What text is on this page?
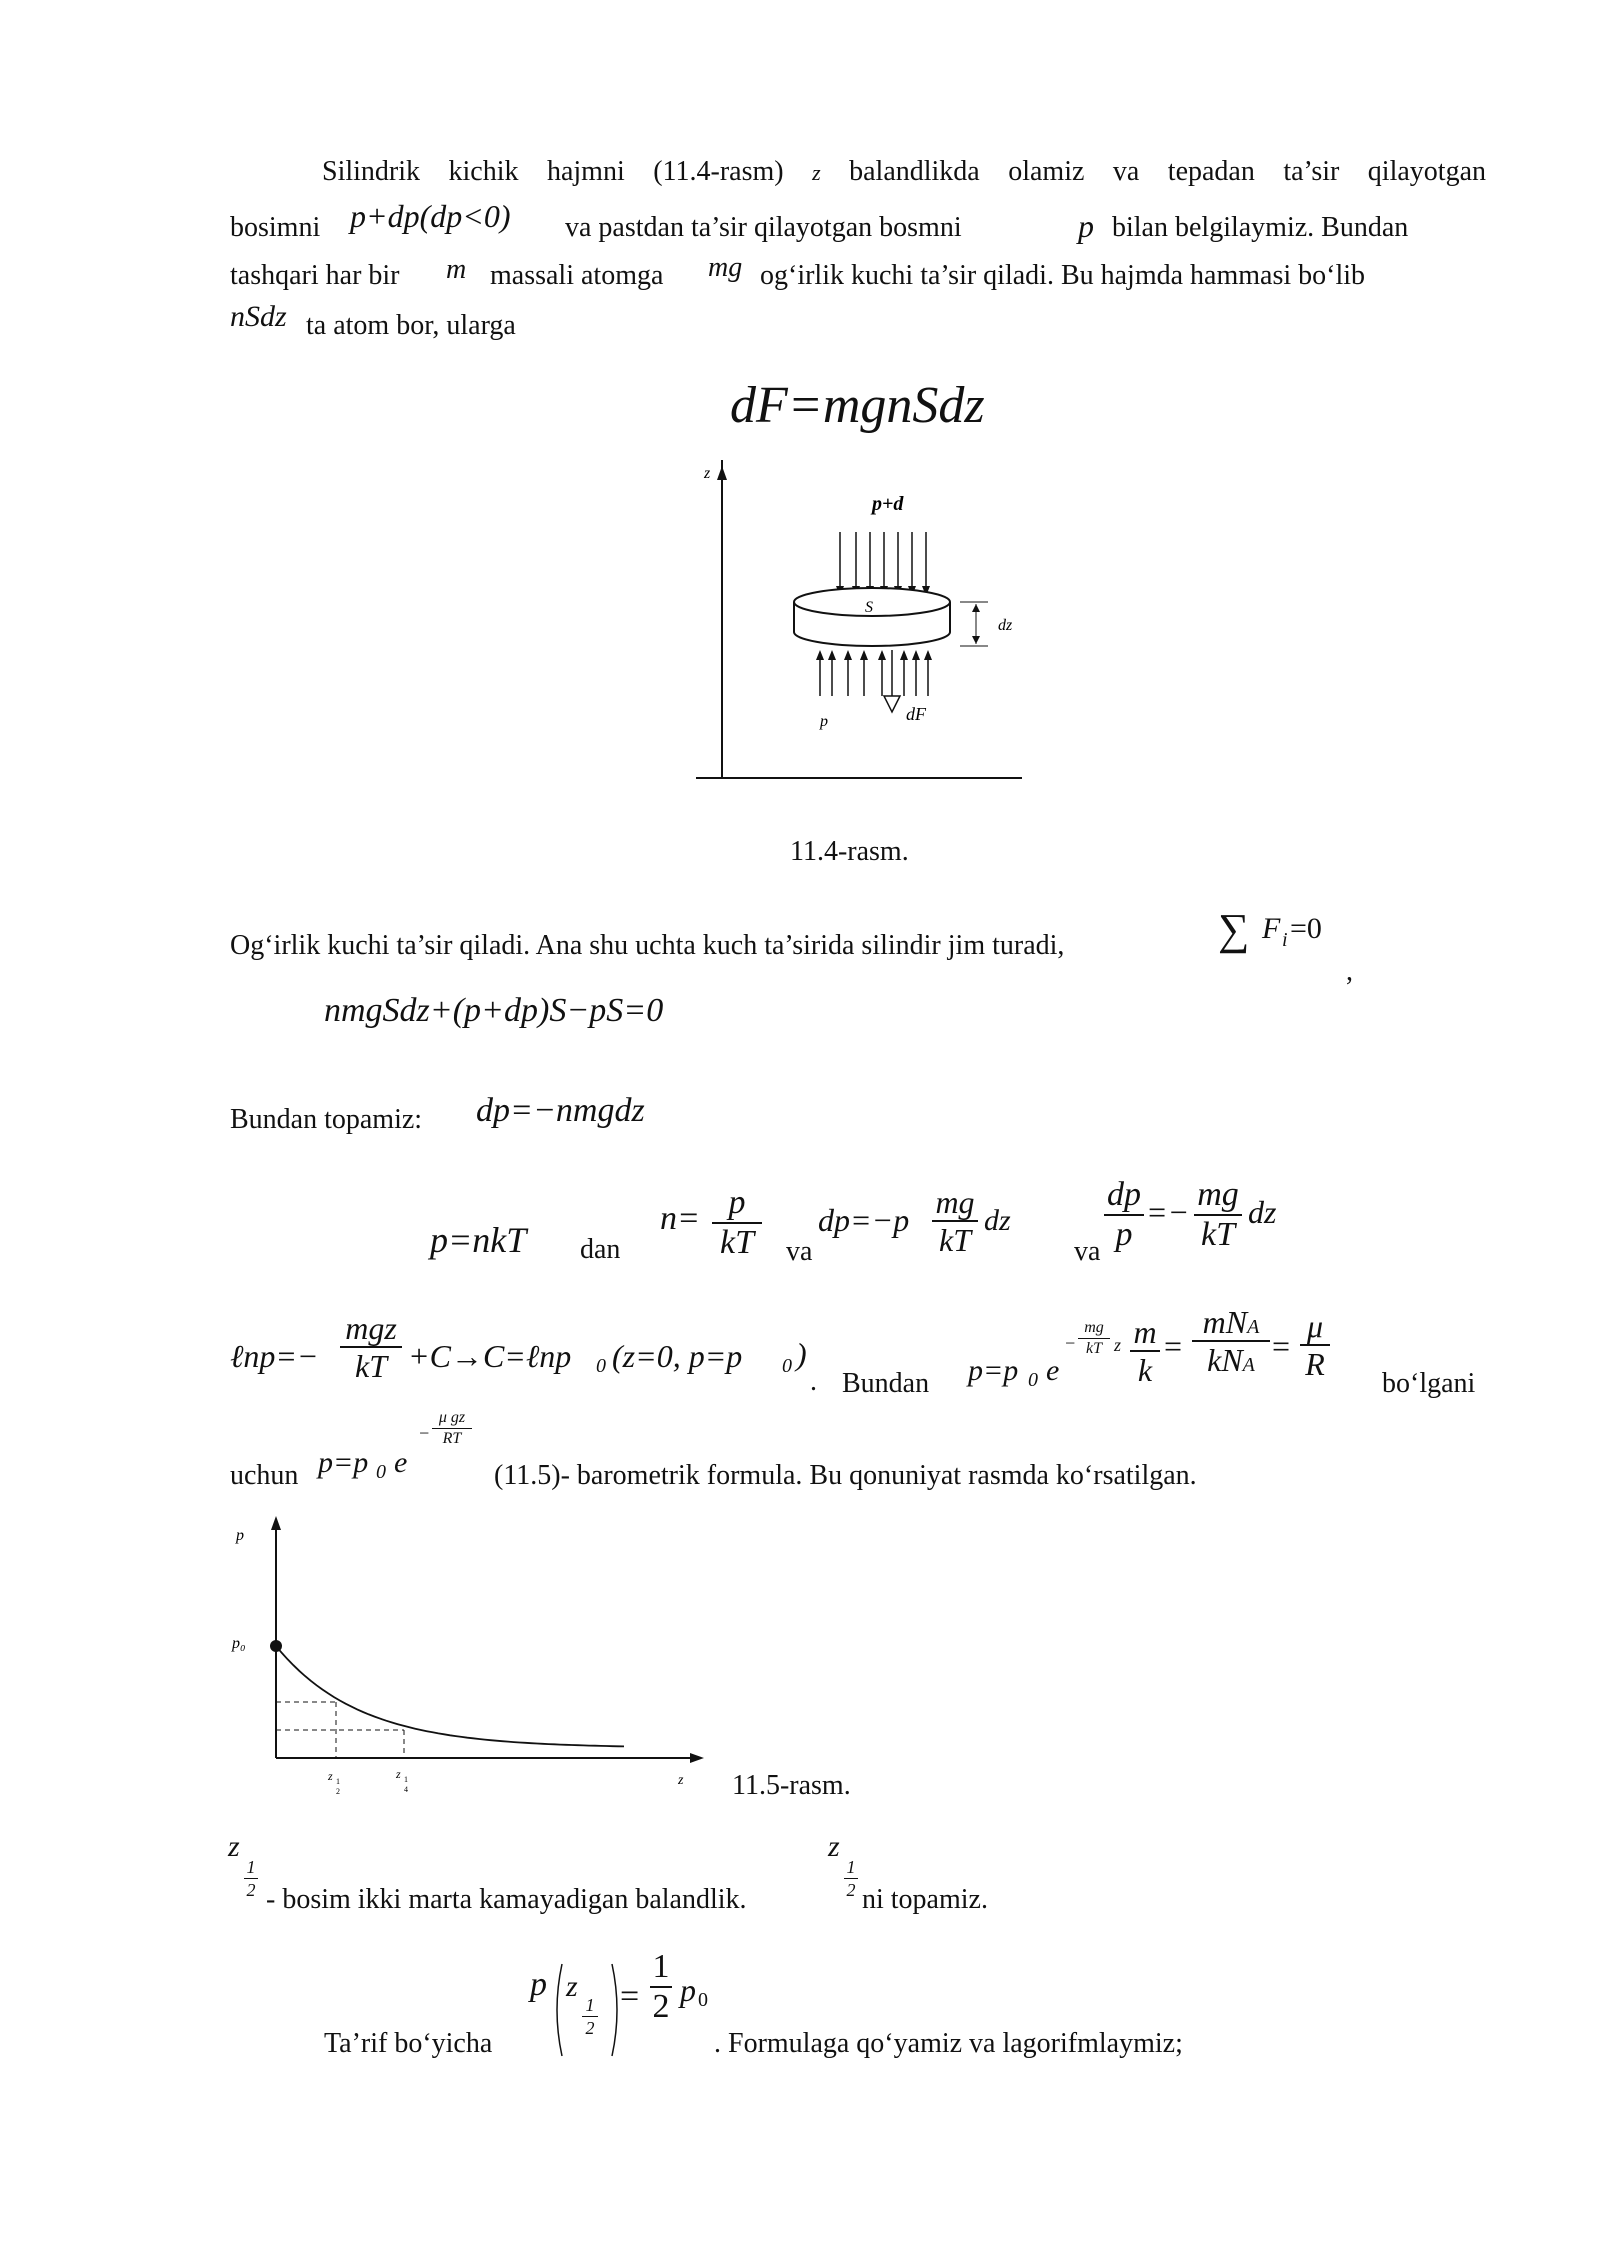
Silindrik kichik hajmni (11.4-rasm) z balandlikda olamiz va tepadan ta’sir qilayotgan
bosimni p+dp(dp<0) va pastdan ta’sir qilayotgan bosmni	p bilan belgilaymiz. Bundan
tashqari har bir m massali atomga mg og‘irlik kuchi ta’sir qiladi. Bu hajmda hammasi bo‘lib
nSdz ta atom bor, ularga
dF=mgnSdz
z
p+d
S
dz
p	dF
11.4-rasm.
Og‘irlik kuchi ta’sir qiladi. Ana shu uchta kuch ta’sirida silindir jim turadi,	∑ F i =0
,
nmgSdz+(p+dp)S−pS=0
Bundan topamiz: dp=−nmgdz
p=nkT dan
n= p
kT va
dp=−p mg
kT
dz
va
dp
p
=− mg
kT
dz
ℓnp=−
mgz
kT +C→C=ℓnp 0 (z=0, p=p 0 )
. Bundan p=p 0 e
−
mg
kT z m
k
=
mNA
kNA
=
μ
R
bo‘lgani
uchun p=p 0 e
−
μ gz
RT
(11.5)- barometrik formula. Bu qonuniyat rasmda ko‘rsatilgan.
p
p₀
z 1
2
z 1
4
z 11.5-rasm.
z
1
2 - bosim ikki marta kamayadigan balandlik.
z
1
2 ni topamiz.
Ta’rif bo‘yicha
p z
1
2
=
1
2 p 0
. Formulaga qo‘yamiz va lagorifmlaymiz;
